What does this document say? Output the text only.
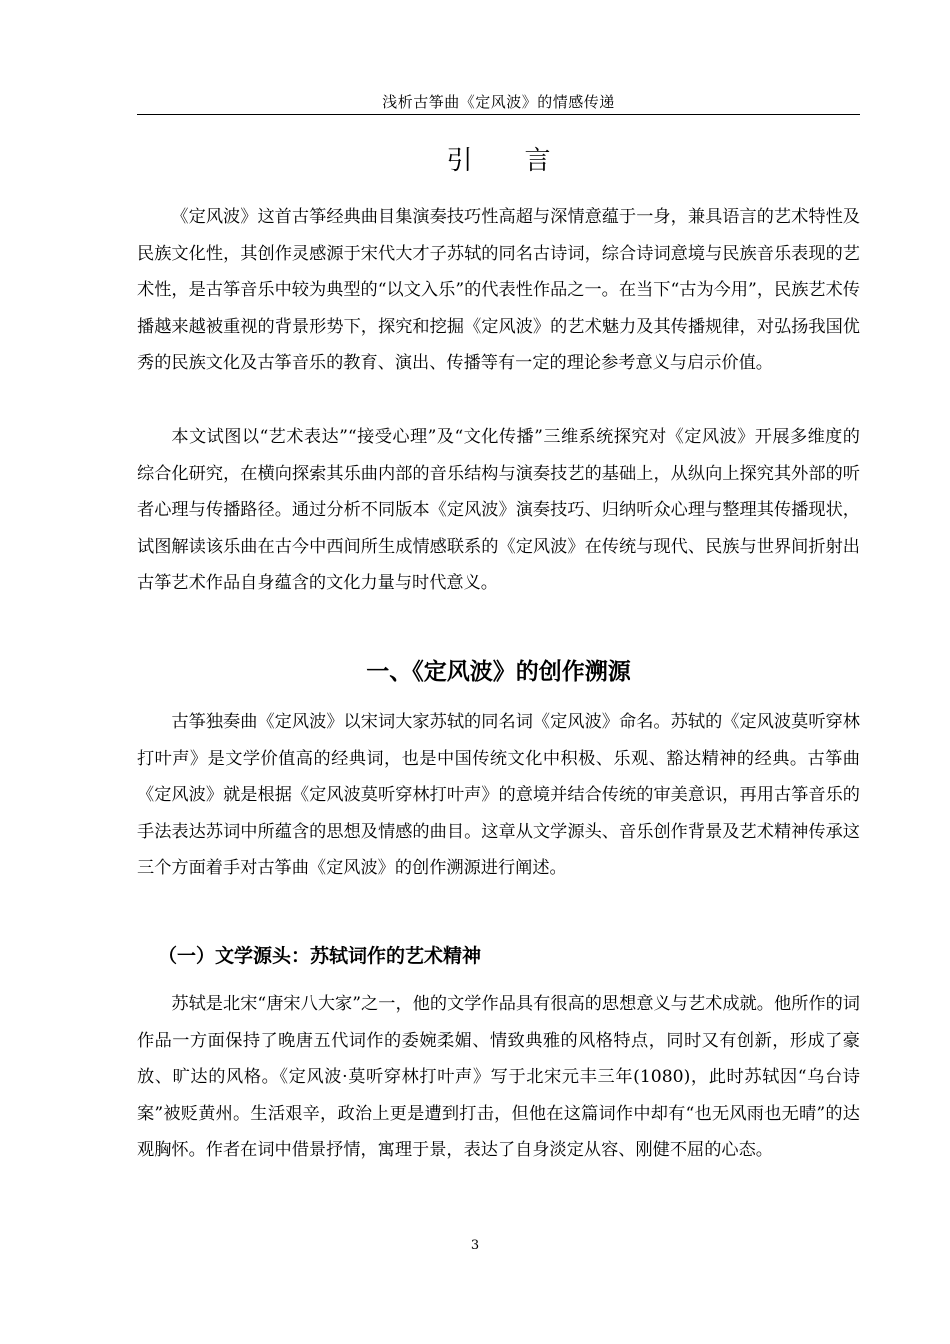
浅析古筝曲《定风波》的情感传递
引言

《定风波》这首古筝经典曲目集演奏技巧性高超与深情意蕴于一身，兼具语言的艺术特性及民族文化性，其创作灵感源于宋代大才子苏轼的同名古诗词，综合诗词意境与民族音乐表现的艺术性，是古筝音乐中较为典型的“以文入乐”的代表性作品之一。在当下“古为今用”，民族艺术传播越来越被重视的背景形势下，探究和挖掘《定风波》的艺术魅力及其传播规律，对弘扬我国优秀的民族文化及古筝音乐的教育、演出、传播等有一定的理论参考意义与启示价值。

本文试图以“艺术表达”“接受心理”及“文化传播”三维系统探究对《定风波》开展多维度的综合化研究，在横向探索其乐曲内部的音乐结构与演奏技艺的基础上，从纵向上探究其外部的听者心理与传播路径。通过分析不同版本《定风波》演奏技巧、归纳听众心理与整理其传播现状，试图解读该乐曲在古今中西间所生成情感联系的《定风波》在传统与现代、民族与世界间折射出古筝艺术作品自身蕴含的文化力量与时代意义。

一、《定风波》的创作溯源

古筝独奏曲《定风波》以宋词大家苏轼的同名词《定风波》命名。苏轼的《定风波莫听穿林打叶声》是文学价值高的经典词，也是中国传统文化中积极、乐观、豁达精神的经典。古筝曲《定风波》就是根据《定风波莫听穿林打叶声》的意境并结合传统的审美意识，再用古筝音乐的手法表达苏词中所蕴含的思想及情感的曲目。这章从文学源头、音乐创作背景及艺术精神传承这三个方面着手对古筝曲《定风波》的创作溯源进行阐述。

（一）文学源头：苏轼词作的艺术精神

苏轼是北宋“唐宋八大家”之一，他的文学作品具有很高的思想意义与艺术成就。他所作的词作品一方面保持了晚唐五代词作的委婉柔媚、情致典雅的风格特点，同时又有创新，形成了豪放、旷达的风格。《定风波·莫听穿林打叶声》写于北宋元丰三年(1080)，此时苏轼因“乌台诗案”被贬黄州。生活艰辛，政治上更是遭到打击，但他在这篇词作中却有“也无风雨也无晴”的达观胸怀。作者在词中借景抒情，寓理于景，表达了自身淡定从容、刚健不屈的心态。

3
